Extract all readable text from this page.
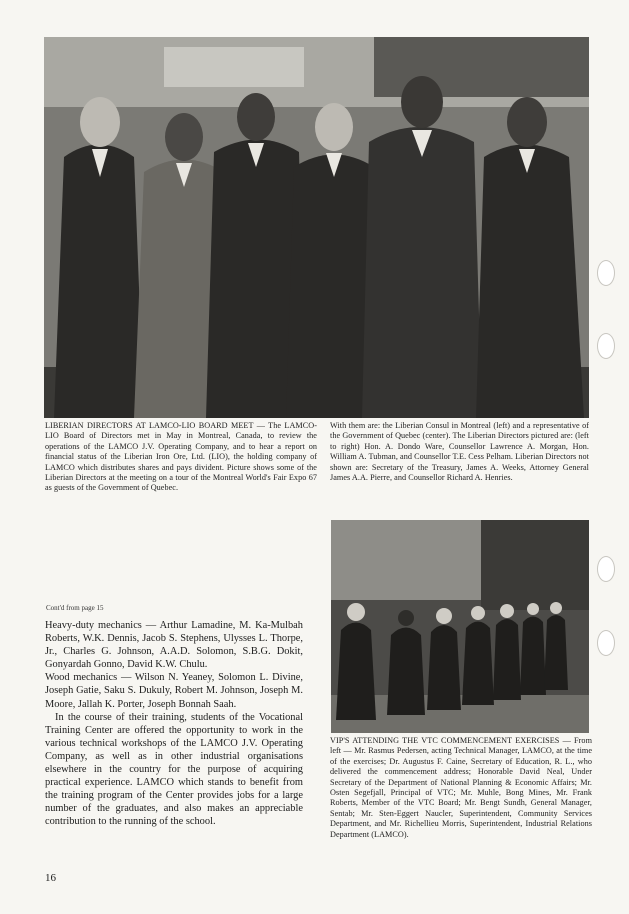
LIBERIAN DIRECTORS AT LAMCO-LIO BOARD MEET — The LAMCO-LIO Board of Directors met in May in Montreal, Canada, to review the operations of the LAMCO J.V. Operating Company, and to hear a report on financial status of the Liberian Iron Ore, Ltd. (LIO), the holding company of LAMCO which distributes shares and pays divident. Picture shows some of the Liberian Directors at the meeting on a tour of the Montreal World's Fair Expo 67 as guests of the Government of Quebec.
With them are: the Liberian Consul in Montreal (left) and a representative of the Government of Quebec (center). The Liberian Directors pictured are: (left to right) Hon. A. Dondo Ware, Counsellor Lawrence A. Morgan, Hon. William A. Tubman, and Counsellor T.E. Cess Pelham. Liberian Directors not shown are: Secretary of the Treasury, James A. Weeks, Attorney General James A.A. Pierre, and Counsellor Richard A. Henries.
Cont'd from page 15

Heavy-duty mechanics — Arthur Lamadine, M. Ka-Mulbah Roberts, W.K. Dennis, Jacob S. Stephens, Ulysses L. Thorpe, Jr., Charles G. Johnson, A.A.D. Solomon, S.B.G. Dokit, Gonyardah Gonno, David K.W. Chulu.

Wood mechanics — Wilson N. Yeaney, Solomon L. Divine, Joseph Gatie, Saku S. Dukuly, Robert M. Johnson, Joseph M. Moore, Jallah K. Porter, Joseph Bonnah Saah.

In the course of their training, students of the Vocational Training Center are offered the opportunity to work in the various technical workshops of the LAMCO J.V. Operating Company, as well as in other industrial organisations elsewhere in the country for the purpose of acquiring practical experience. LAMCO which stands to benefit from the training program of the Center provides jobs for a large number of the graduates, and also makes an appreciable contribution to the running of the school.

VIP'S ATTENDING THE VTC COMMENCEMENT EXERCISES — From left — Mr. Rasmus Pedersen, acting Technical Manager, LAMCO, at the time of the exercises; Dr. Augustus F. Caine, Secretary of Education, R. L., who delivered the commencement address; Honorable David Neal, Under Secretary of the Department of National Planning & Economic Affairs; Mr. Osten Segefjall, Principal of VTC; Mr. Muhle, Bong Mines, Mr. Frank Roberts, Member of the VTC Board; Mr. Bengt Sundh, General Manager, Sentab; Mr. Sten-Eggert Naucler, Superintendent, Community Services Department, and Mr. Richellieu Morris, Superintendent, Industrial Relations Department (LAMCO).
16
